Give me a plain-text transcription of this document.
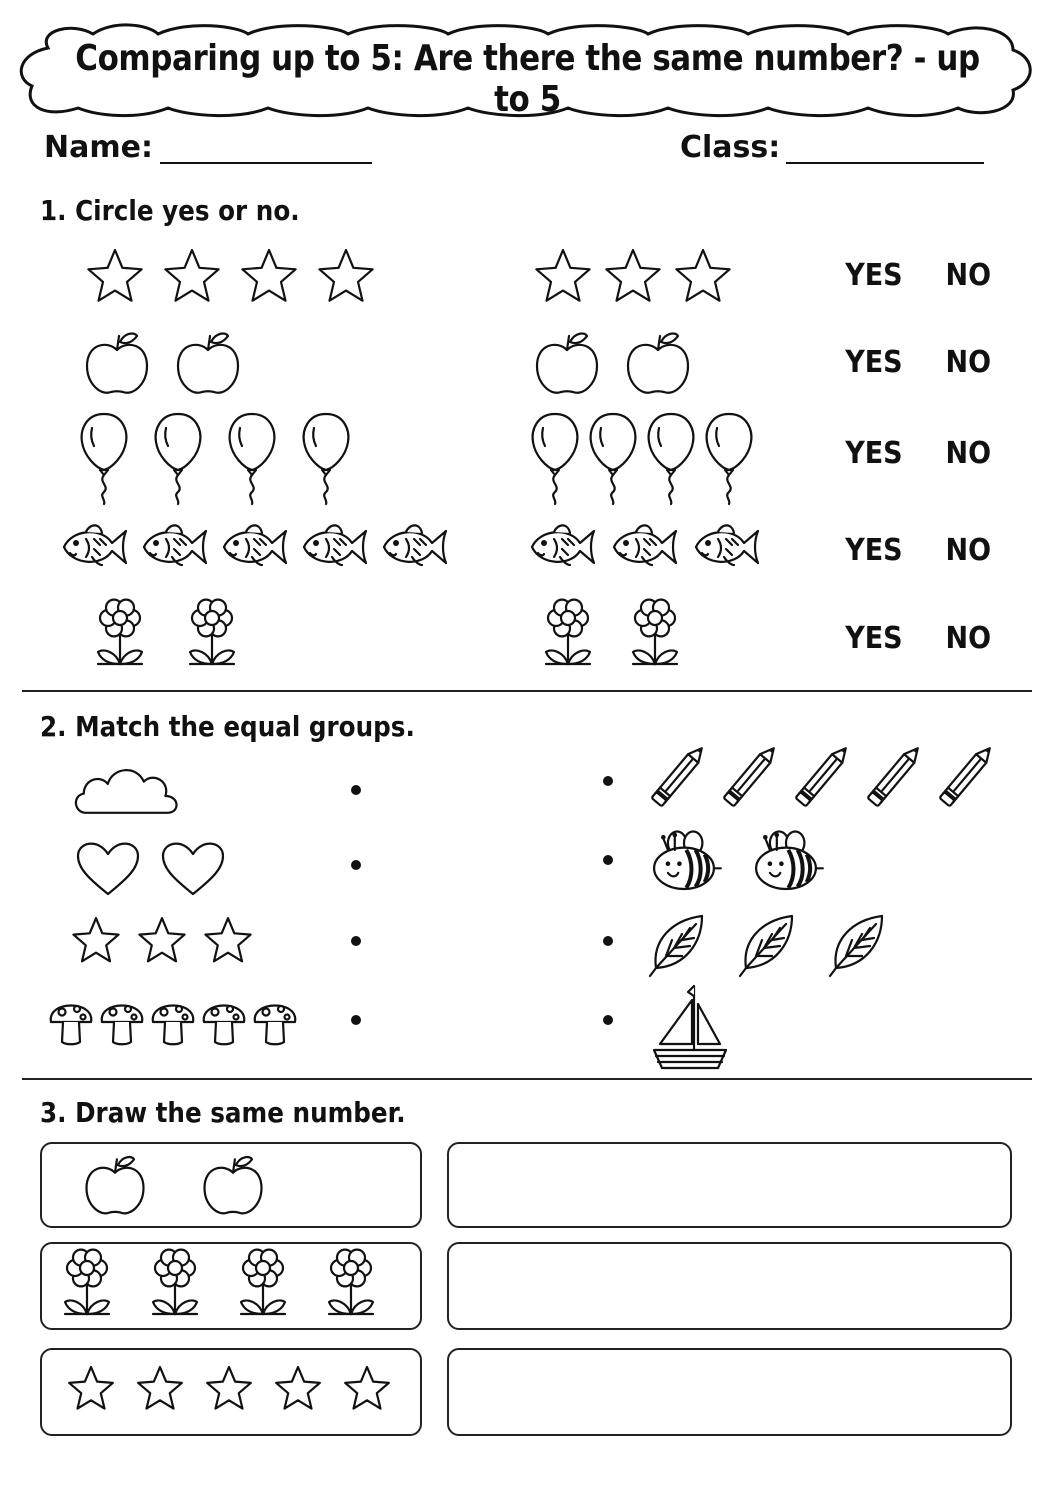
Comparing up to 5: Are there the same number? - up to 5
Name:	Class:
1. Circle yes or no.
YES NO
YES NO
YES NO
YES NO
YES NO
2. Match the equal groups.
3. Draw the same number.
